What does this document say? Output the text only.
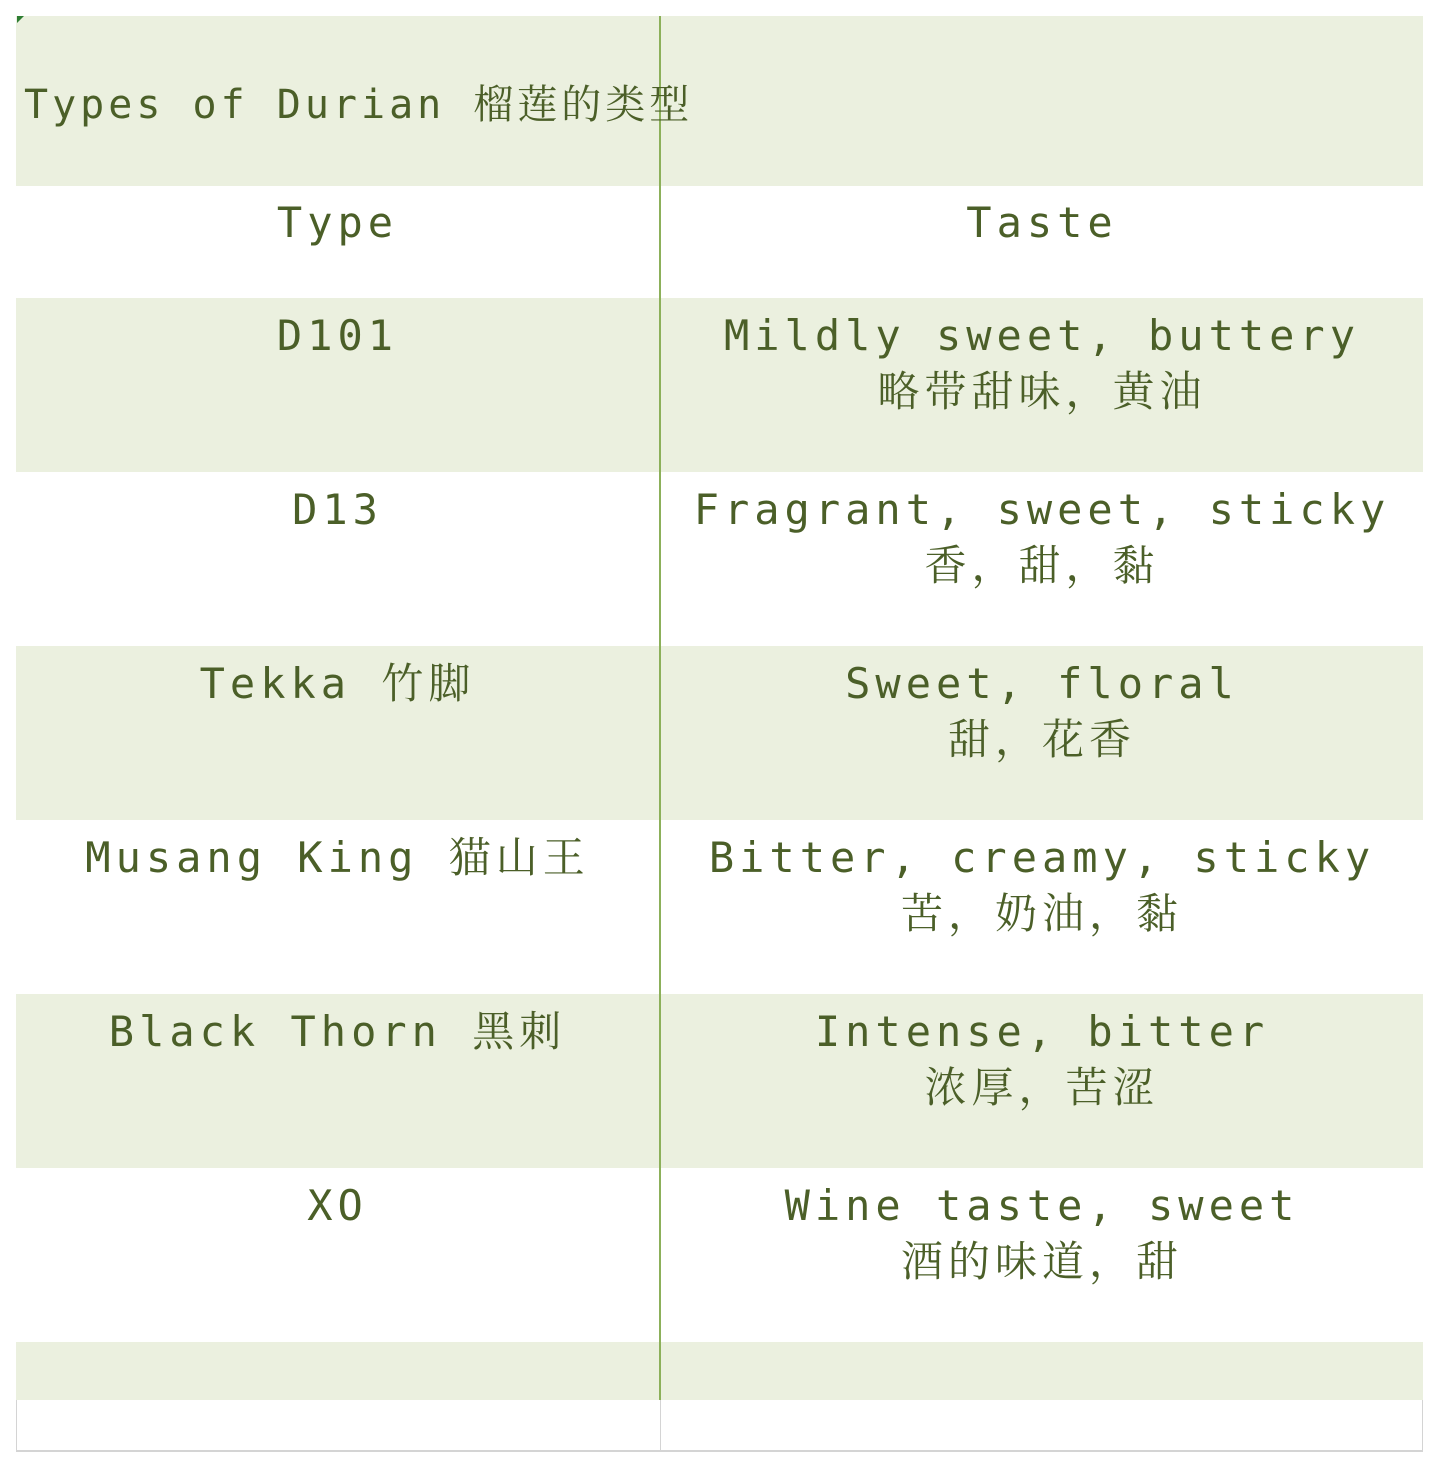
Types of Durian 榴莲的类型
Type	Taste
D101	Mildly sweet, buttery
略带甜味，黄油
D13	Fragrant, sweet, sticky
香，甜，黏
Tekka 竹脚	Sweet, floral
甜，花香
Musang King 猫山王	Bitter, creamy, sticky
苦，奶油，黏
Black Thorn 黑刺	Intense, bitter
浓厚，苦涩
XO	Wine taste, sweet
酒的味道，甜
